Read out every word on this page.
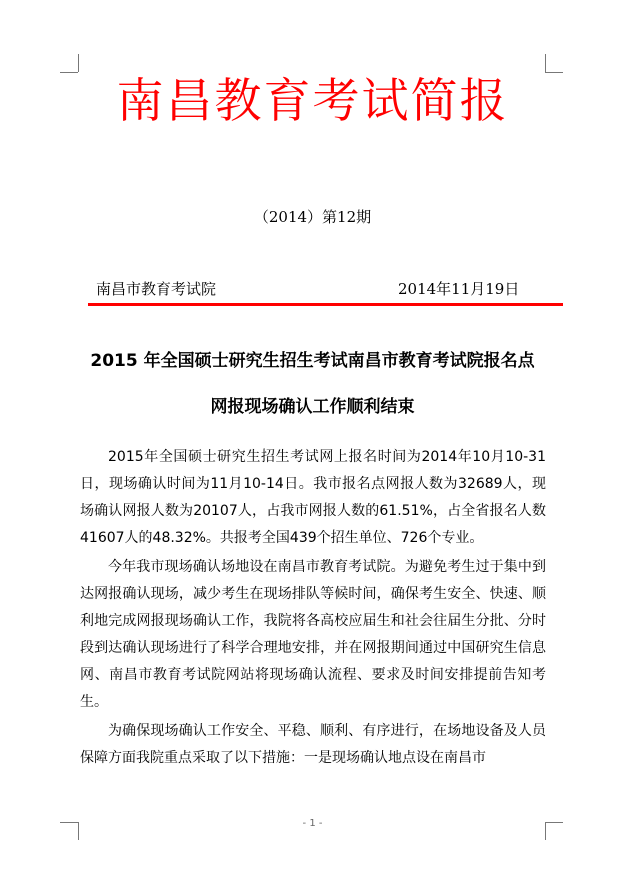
南昌教育考试简报
（2014）第12期
南昌市教育考试院	2014年11月19日
2015 年全国硕士研究生招生考试南昌市教育考试院报名点
网报现场确认工作顺利结束

2015年全国硕士研究生招生考试网上报名时间为2014年10月10-31日，现场确认时间为11月10-14日。我市报名点网报人数为32689人，现场确认网报人数为20107人，占我市网报人数的61.51%，占全省报名人数41607人的48.32%。共报考全国439个招生单位、726个专业。

今年我市现场确认场地设在南昌市教育考试院。为避免考生过于集中到达网报确认现场，减少考生在现场排队等候时间，确保考生安全、快速、顺利地完成网报现场确认工作，我院将各高校应届生和社会往届生分批、分时段到达确认现场进行了科学合理地安排，并在网报期间通过中国研究生信息网、南昌市教育考试院网站将现场确认流程、要求及时间安排提前告知考生。

为确保现场确认工作安全、平稳、顺利、有序进行，在场地设备及人员保障方面我院重点采取了以下措施：一是现场确认地点设在南昌市

- 1 -
